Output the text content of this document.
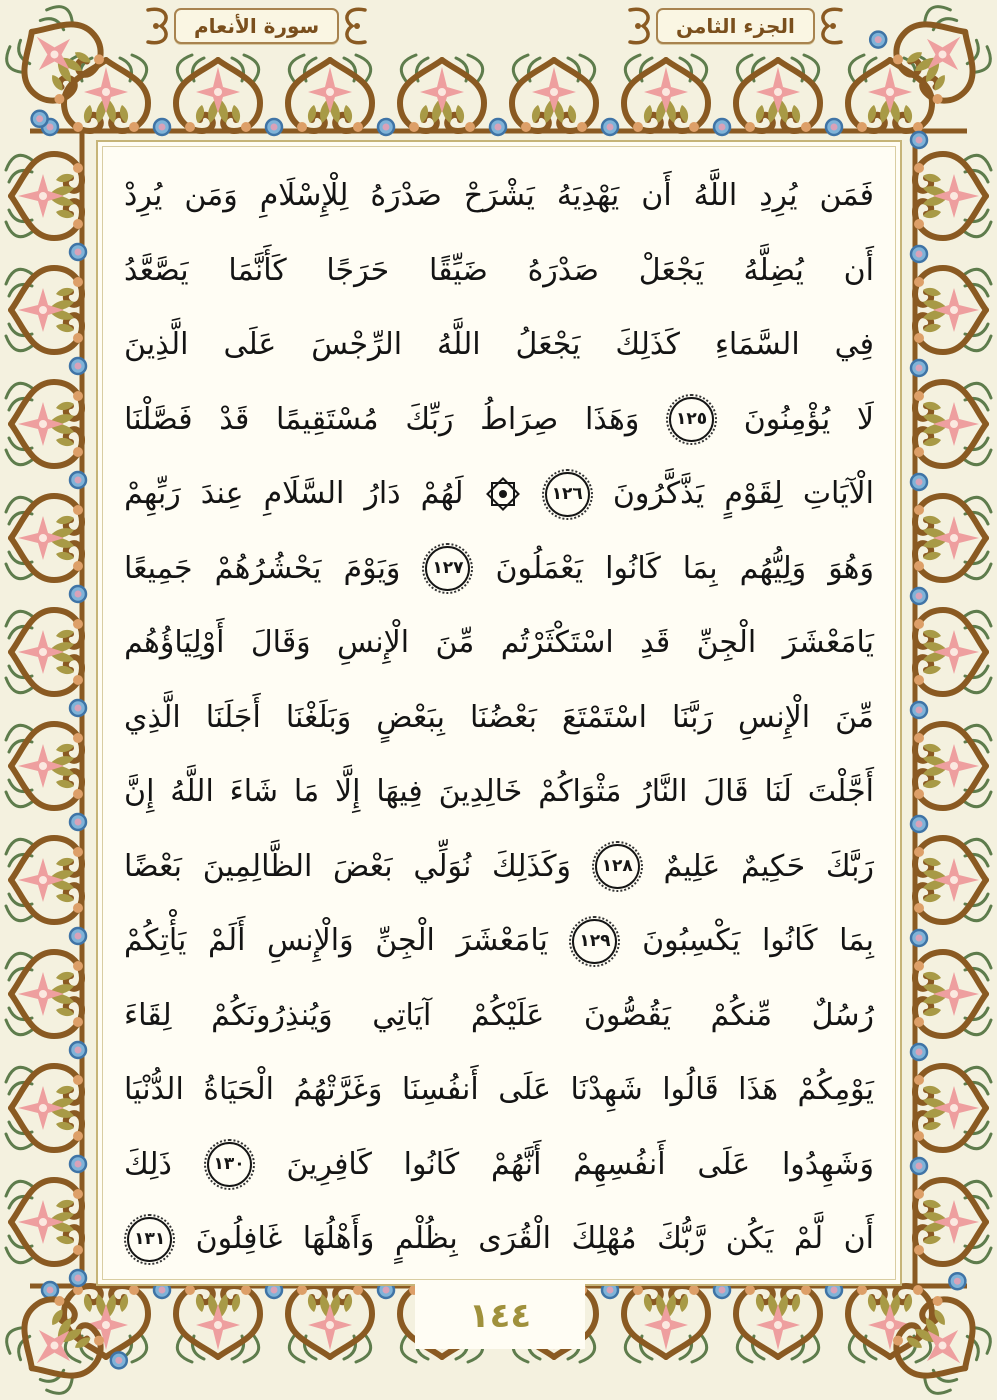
سورة الأنعام	الجزء الثامن
فَمَن
يُرِدِ
اللَّهُ
أَن
يَهْدِيَهُ
يَشْرَحْ
صَدْرَهُ
لِلْإِسْلَامِ
وَمَن
يُرِدْ
أَن
يُضِلَّهُ
يَجْعَلْ
صَدْرَهُ
ضَيِّقًا
حَرَجًا
كَأَنَّمَا
يَصَّعَّدُ
فِي
السَّمَاءِ
كَذَلِكَ
يَجْعَلُ
اللَّهُ
الرِّجْسَ
عَلَى
الَّذِينَ
لَا
يُؤْمِنُونَ
١٢٥
وَهَذَا
صِرَاطُ
رَبِّكَ
مُسْتَقِيمًا
قَدْ
فَصَّلْنَا
الْآيَاتِ
لِقَوْمٍ
يَذَّكَّرُونَ
١٢٦
لَهُمْ
دَارُ
السَّلَامِ
عِندَ
رَبِّهِمْ
وَهُوَ
وَلِيُّهُم
بِمَا
كَانُوا
يَعْمَلُونَ
١٢٧
وَيَوْمَ
يَحْشُرُهُمْ
جَمِيعًا
يَامَعْشَرَ
الْجِنِّ
قَدِ
اسْتَكْثَرْتُم
مِّنَ
الْإِنسِ
وَقَالَ
أَوْلِيَاؤُهُم
مِّنَ
الْإِنسِ
رَبَّنَا
اسْتَمْتَعَ
بَعْضُنَا
بِبَعْضٍ
وَبَلَغْنَا
أَجَلَنَا
الَّذِي
أَجَّلْتَ
لَنَا
قَالَ
النَّارُ
مَثْوَاكُمْ
خَالِدِينَ
فِيهَا
إِلَّا
مَا
شَاءَ
اللَّهُ
إِنَّ
رَبَّكَ
حَكِيمٌ
عَلِيمٌ
١٢٨
وَكَذَلِكَ
نُوَلِّي
بَعْضَ
الظَّالِمِينَ
بَعْضًا
بِمَا
كَانُوا
يَكْسِبُونَ
١٢٩
يَامَعْشَرَ
الْجِنِّ
وَالْإِنسِ
أَلَمْ
يَأْتِكُمْ
رُسُلٌ
مِّنكُمْ
يَقُصُّونَ
عَلَيْكُمْ
آيَاتِي
وَيُنذِرُونَكُمْ
لِقَاءَ
يَوْمِكُمْ
هَذَا
قَالُوا
شَهِدْنَا
عَلَى
أَنفُسِنَا
وَغَرَّتْهُمُ
الْحَيَاةُ
الدُّنْيَا
وَشَهِدُوا
عَلَى
أَنفُسِهِمْ
أَنَّهُمْ
كَانُوا
كَافِرِينَ
١٣٠
ذَلِكَ
أَن
لَّمْ
يَكُن
رَّبُّكَ
مُهْلِكَ
الْقُرَى
بِظُلْمٍ
وَأَهْلُهَا
غَافِلُونَ
١٣١
١٤٤
